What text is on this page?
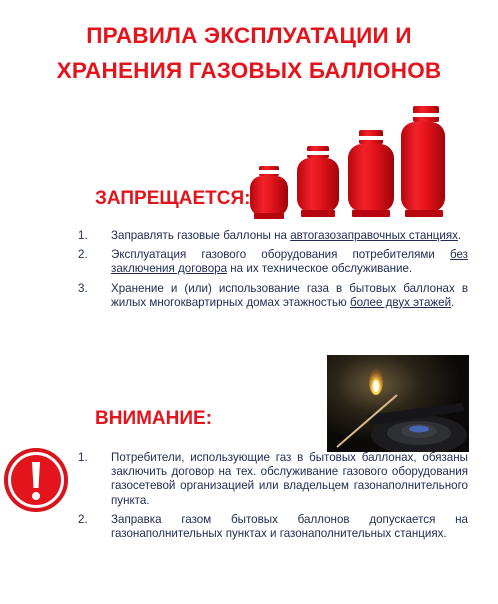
ПРАВИЛА ЭКСПЛУАТАЦИИ И
ХРАНЕНИЯ ГАЗОВЫХ БАЛЛОНОВ
ЗАПРЕЩАЕТСЯ:
1. Заправлять газовые баллоны на автогазозаправочных станциях.
2. Эксплуатация газового оборудования потребителями без заключения договора на их техническое обслуживание.
3. Хранение и (или) использование газа в бытовых баллонах в жилых многоквартирных домах этажностью более двух этажей.
ВНИМАНИЕ:
1. Потребители, использующие газ в бытовых баллонах, обязаны заключить договор на тех. обслуживание газового оборудования газосетевой организацией или владельцем газонаполнительного пункта.
2. Заправка газом бытовых баллонов допускается на газонаполнительных пунктах и газонаполнительных станциях.
